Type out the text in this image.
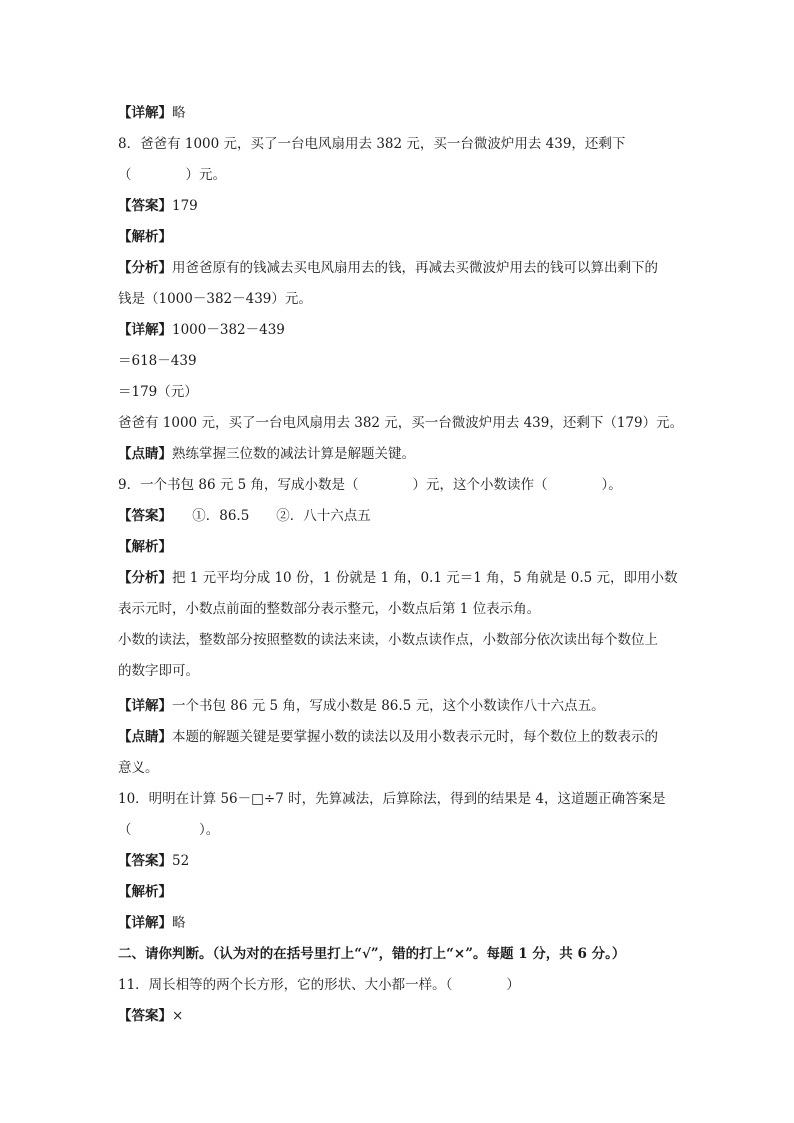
【详解】略
8．爸爸有 1000 元，买了一台电风扇用去 382 元，买一台微波炉用去 439，还剩下
（　　　　）元。
【答案】179
【解析】
【分析】用爸爸原有的钱减去买电风扇用去的钱，再减去买微波炉用去的钱可以算出剩下的
钱是（1000－382－439）元。
【详解】1000－382－439
＝618－439
＝179（元）
爸爸有 1000 元，买了一台电风扇用去 382 元，买一台微波炉用去 439，还剩下（179）元。
【点睛】熟练掌握三位数的减法计算是解题关键。
9．一个书包 86 元 5 角，写成小数是（　　　　）元，这个小数读作（　　　　）。
【答案】　　①．86.5　　②．八十六点五
【解析】
【分析】把 1 元平均分成 10 份，1 份就是 1 角，0.1 元＝1 角，5 角就是 0.5 元，即用小数
表示元时，小数点前面的整数部分表示整元，小数点后第 1 位表示角。
小数的读法，整数部分按照整数的读法来读，小数点读作点，小数部分依次读出每个数位上
的数字即可。
【详解】一个书包 86 元 5 角，写成小数是 86.5 元，这个小数读作八十六点五。
【点睛】本题的解题关键是要掌握小数的读法以及用小数表示元时，每个数位上的数表示的
意义。
10．明明在计算 56－□÷7 时，先算减法，后算除法，得到的结果是 4，这道题正确答案是
（　　　　　）。
【答案】52
【解析】
【详解】略
二、请你判断。（认为对的在括号里打上“√”，错的打上“×”。每题 1 分，共 6 分。）
11．周长相等的两个长方形，它的形状、大小都一样。（　　　　）
【答案】×
